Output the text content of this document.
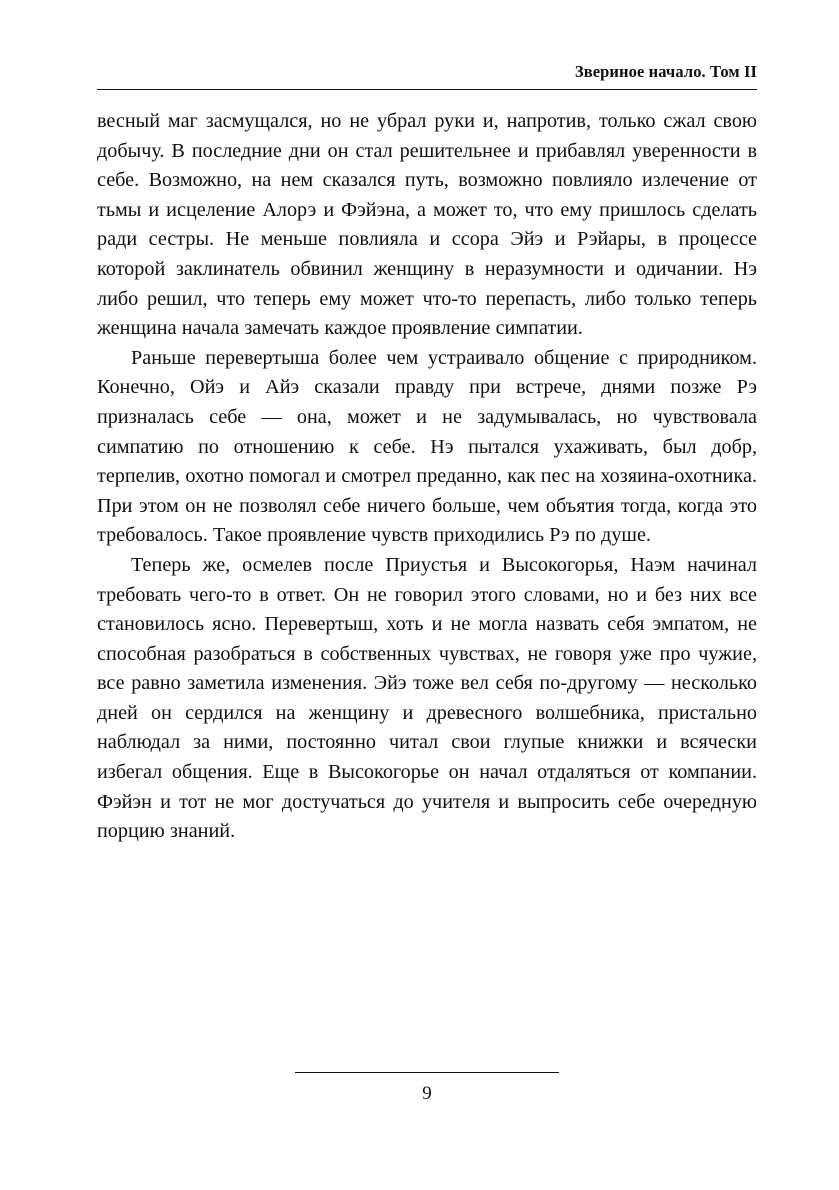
Звериное начало. Том II

весный маг засмущался, но не убрал руки и, напротив, только сжал свою добычу. В последние дни он стал решительнее и прибавлял уверенности в себе. Возможно, на нем сказался путь, возможно повлияло излечение от тьмы и исцеление Алорэ и Фэйэна, а может то, что ему пришлось сделать ради сестры. Не меньше повлияла и ссора Эйэ и Рэйары, в процессе которой заклинатель обвинил женщину в неразумности и одичании. Нэ либо решил, что теперь ему может что-то перепасть, либо только теперь женщина начала замечать каждое проявление симпатии.

Раньше перевертыша более чем устраивало общение с природником. Конечно, Ойэ и Айэ сказали правду при встрече, днями позже Рэ призналась себе — она, может и не задумывалась, но чувствовала симпатию по отношению к себе. Нэ пытался ухаживать, был добр, терпелив, охотно помогал и смотрел преданно, как пес на хозяина-охотника. При этом он не позволял себе ничего больше, чем объятия тогда, когда это требовалось. Такое проявление чувств приходились Рэ по душе.

Теперь же, осмелев после Приустья и Высокогорья, Наэм начинал требовать чего-то в ответ. Он не говорил этого словами, но и без них все становилось ясно. Перевертыш, хоть и не могла назвать себя эмпатом, не способная разобраться в собственных чувствах, не говоря уже про чужие, все равно заметила изменения. Эйэ тоже вел себя по-другому — несколько дней он сердился на женщину и древесного волшебника, пристально наблюдал за ними, постоянно читал свои глупые книжки и всячески избегал общения. Еще в Высокогорье он начал отдаляться от компании. Фэйэн и тот не мог достучаться до учителя и выпросить себе очередную порцию знаний.

9
